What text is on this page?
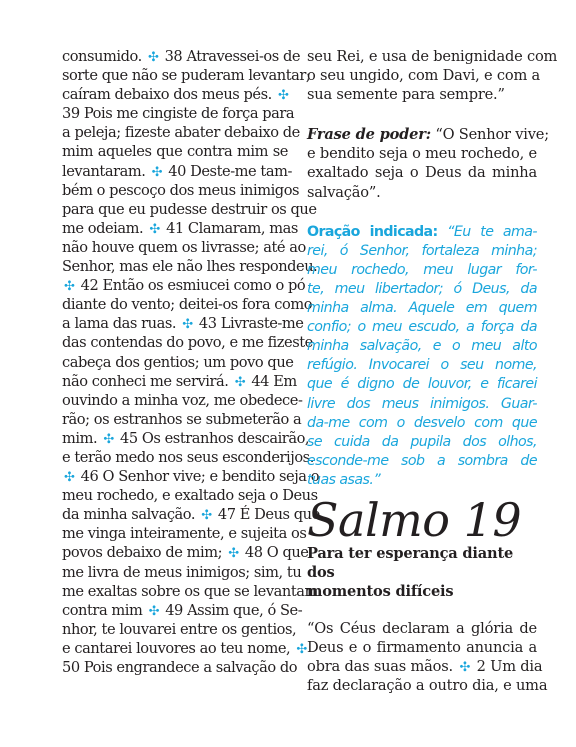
consumido. ✣ 38 Atravessei-os de
sorte que não se puderam levantar;
caíram debaixo dos meus pés. ✣
39 Pois me cingiste de força para
a peleja; fizeste abater debaixo de
mim aqueles que contra mim se
levantaram. ✣ 40 Deste-me tam-
bém o pescoço dos meus inimigos
para que eu pudesse destruir os que
me odeiam. ✣ 41 Clamaram, mas
não houve quem os livrasse; até ao
Senhor, mas ele não lhes respondeu.
✣ 42 Então os esmiucei como o pó
diante do vento; deitei-os fora como
a lama das ruas. ✣ 43 Livraste-me
das contendas do povo, e me fizeste
cabeça dos gentios; um povo que
não conheci me servirá. ✣ 44 Em
ouvindo a minha voz, me obedece-
rão; os estranhos se submeterão a
mim. ✣ 45 Os estranhos descairão,
e terão medo nos seus esconderijos.
✣ 46 O Senhor vive; e bendito seja o
meu rochedo, e exaltado seja o Deus
da minha salvação. ✣ 47 É Deus que
me vinga inteiramente, e sujeita os
povos debaixo de mim; ✣ 48 O que
me livra de meus inimigos; sim, tu
me exaltas sobre os que se levantam
contra mim ✣ 49 Assim que, ó Se-
nhor, te louvarei entre os gentios,
e cantarei louvores ao teu nome, ✣
50 Pois engrandece a salvação do
seu Rei, e usa de benignidade com
o seu ungido, com Davi, e com a
sua semente para sempre.”
Frase de poder: “O Senhor vive;
e bendito seja o meu rochedo, e
exaltado seja o Deus da minha
salvação”.
Oração indicada: “Eu te ama-
rei, ó Senhor, fortaleza minha;
meu rochedo, meu lugar for-
te, meu libertador; ó Deus, da
minha alma. Aquele em quem
confio; o meu escudo, a força da
minha salvação, e o meu alto
refúgio. Invocarei o seu nome,
que é digno de louvor, e ficarei
livre dos meus inimigos. Guar-
da-me com o desvelo com que
se cuida da pupila dos olhos,
esconde-me sob a sombra de
tuas asas.”
Salmo 19
Para ter esperança diante dos
momentos difíceis
“Os Céus declaram a glória de
Deus e o firmamento anuncia a
obra das suas mãos. ✣ 2 Um dia
faz declaração a outro dia, e uma
